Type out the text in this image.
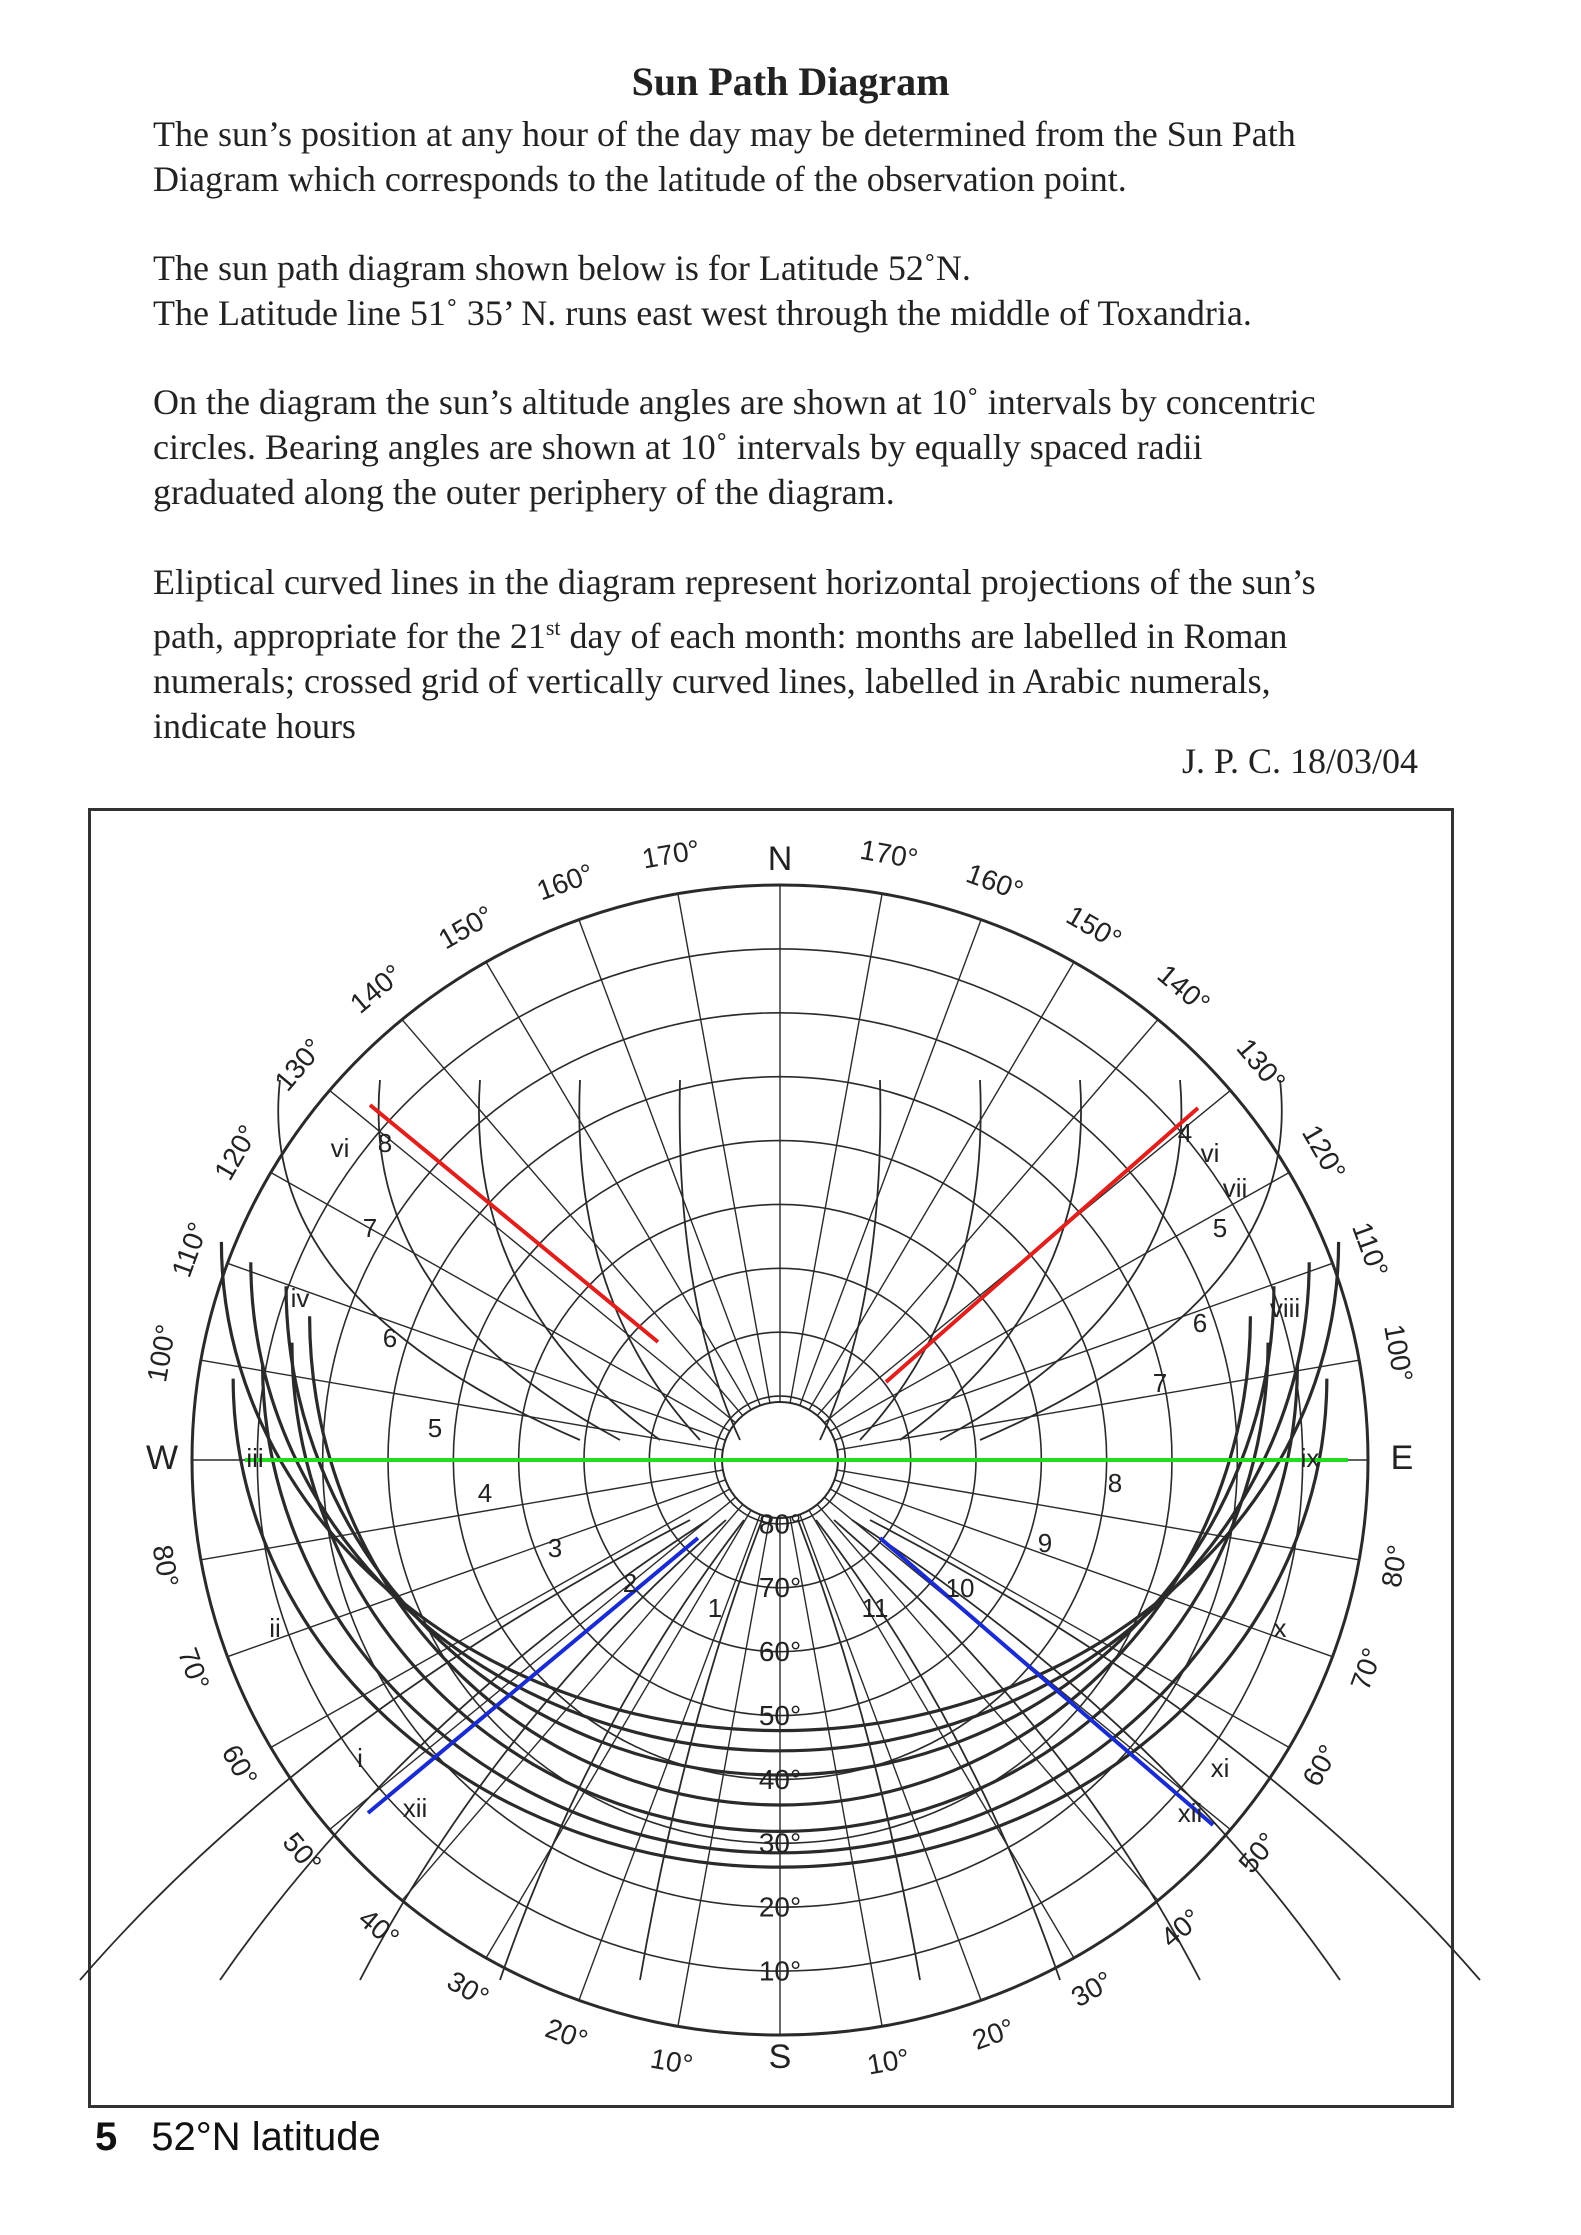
Sun Path Diagram

The sun’s position at any hour of the day may be determined from the Sun Path
Diagram which corresponds to the latitude of the observation point.

The sun path diagram shown below is for Latitude 52˚N.
The Latitude line 51˚ 35’ N. runs east west through the middle of Toxandria.

On the diagram the sun’s altitude angles are shown at 10˚ intervals by concentric
circles. Bearing angles are shown at 10˚ intervals by equally spaced radii
graduated along the outer periphery of the diagram.

Eliptical curved lines in the diagram represent horizontal projections of the sun’s
path, appropriate for the 21st day of each month: months are labelled in Roman
numerals; crossed grid of vertically curved lines, labelled in Arabic numerals,
indicate hours

J. P. C. 18/03/04
N
S
E
W
170°
160°
150°
140°
130°
120°
110°
100°
170°
160°
150°
140°
130°
120°
110°
100°
80°
70°
60°
50°
40°
30°
20°
10°
80°
70°
60°
50°
40°
30°
20°
10°
80°
70°
60°
50°
40°
30°
20°
10°
vi
iv
iii
ii
i
xii
vi
vii
viii
ix
x
xi
xii
1
2
3
4
5
6
7
8
7
6
5
4
8
9
10
11
5 52°N latitude
